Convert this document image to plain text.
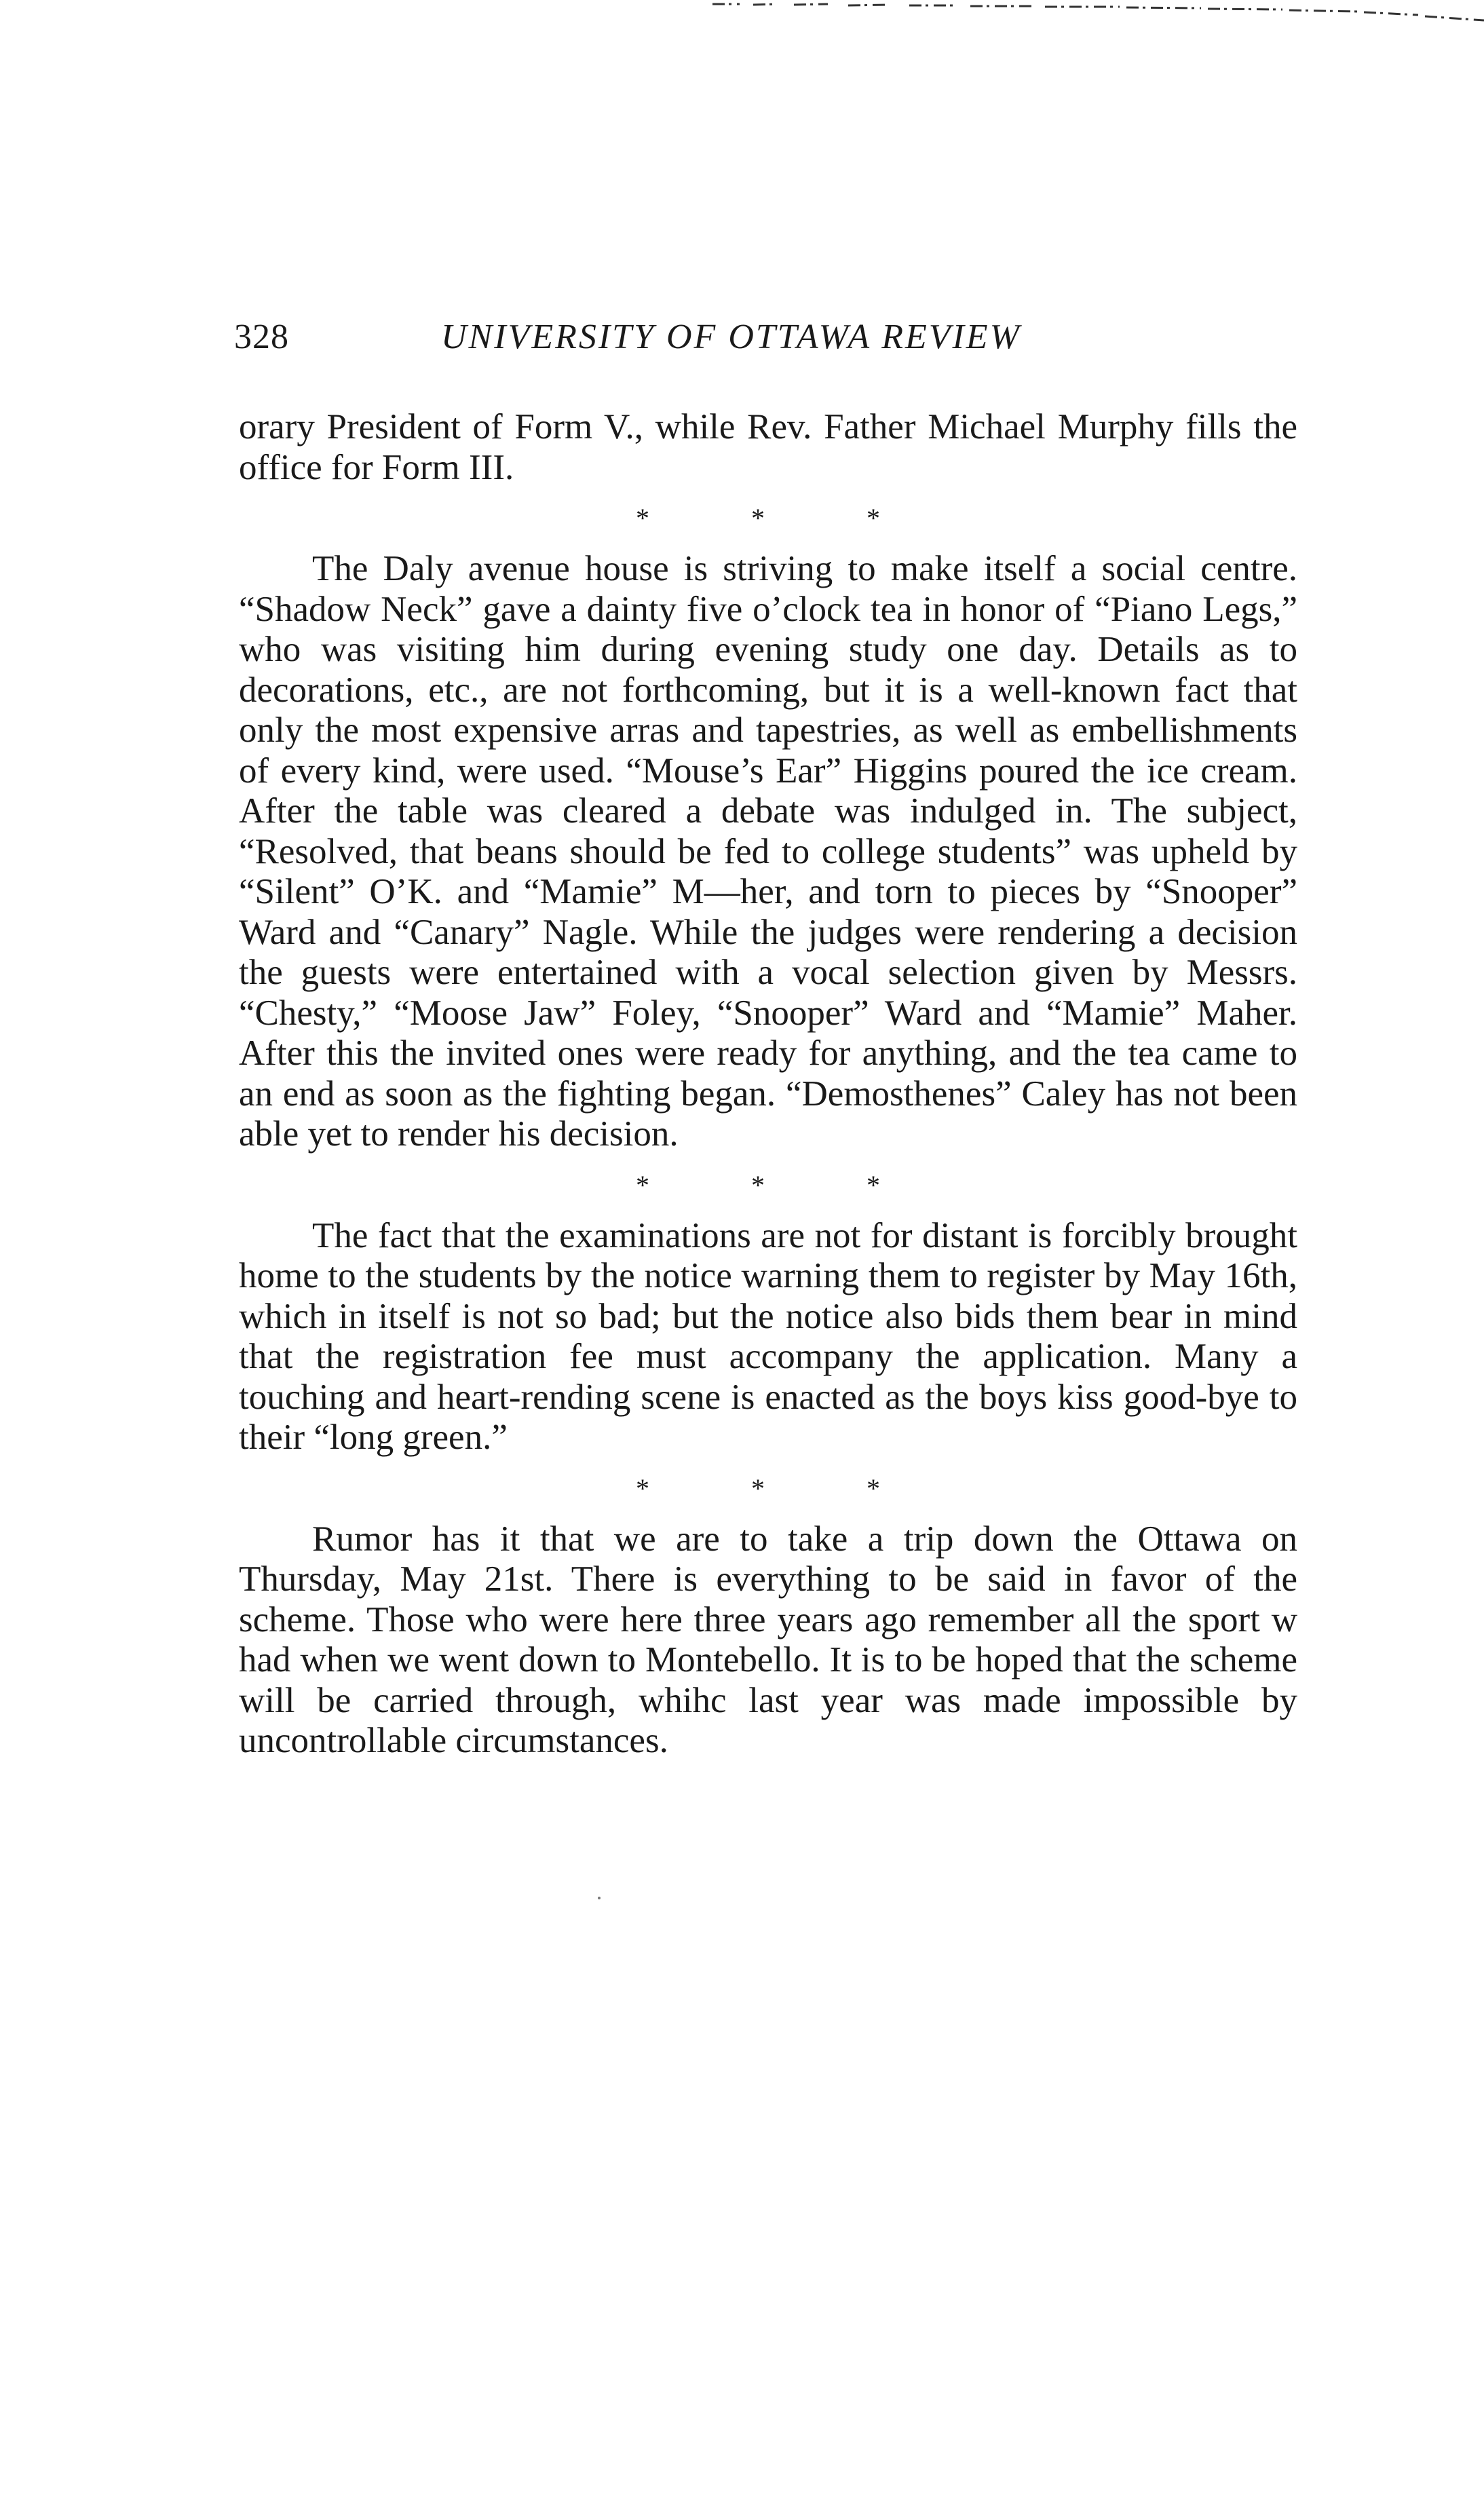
328	UNIVERSITY OF OTTAWA REVIEW

orary President of Form V., while Rev. Father Michael Murphy fills the office for Form III.

* * *

The Daly avenue house is striving to make itself a social centre. “Shadow Neck” gave a dainty five o’clock tea in honor of “Piano Legs,” who was visiting him during evening study one day. Details as to decorations, etc., are not forthcoming, but it is a well-known fact that only the most expensive arras and tapestries, as well as embellishments of every kind, were used. “Mouse’s Ear” Higgins poured the ice cream. After the table was cleared a debate was indulged in. The subject, “Resolved, that beans should be fed to college students” was upheld by “Silent” O’K. and “Mamie” M—her, and torn to pieces by “Snooper” Ward and “Canary” Nagle. While the judges were rendering a decision the guests were entertained with a vocal selection given by Messrs. “Chesty,” “Moose Jaw” Foley, “Snooper” Ward and “Mamie” Maher. After this the invited ones were ready for anything, and the tea came to an end as soon as the fighting began. “Demosthenes” Caley has not been able yet to render his decision.

* * *

The fact that the examinations are not for distant is forcibly brought home to the students by the notice warning them to register by May 16th, which in itself is not so bad; but the notice also bids them bear in mind that the registration fee must accompany the application. Many a touching and heart-rending scene is enacted as the boys kiss good-bye to their “long green.”

* * *

Rumor has it that we are to take a trip down the Ottawa on Thursday, May 21st. There is everything to be said in favor of the scheme. Those who were here three years ago remember all the sport w had when we went down to Montebello. It is to be hoped that the scheme will be carried through, whihc last year was made impossible by uncontrollable circumstances.
